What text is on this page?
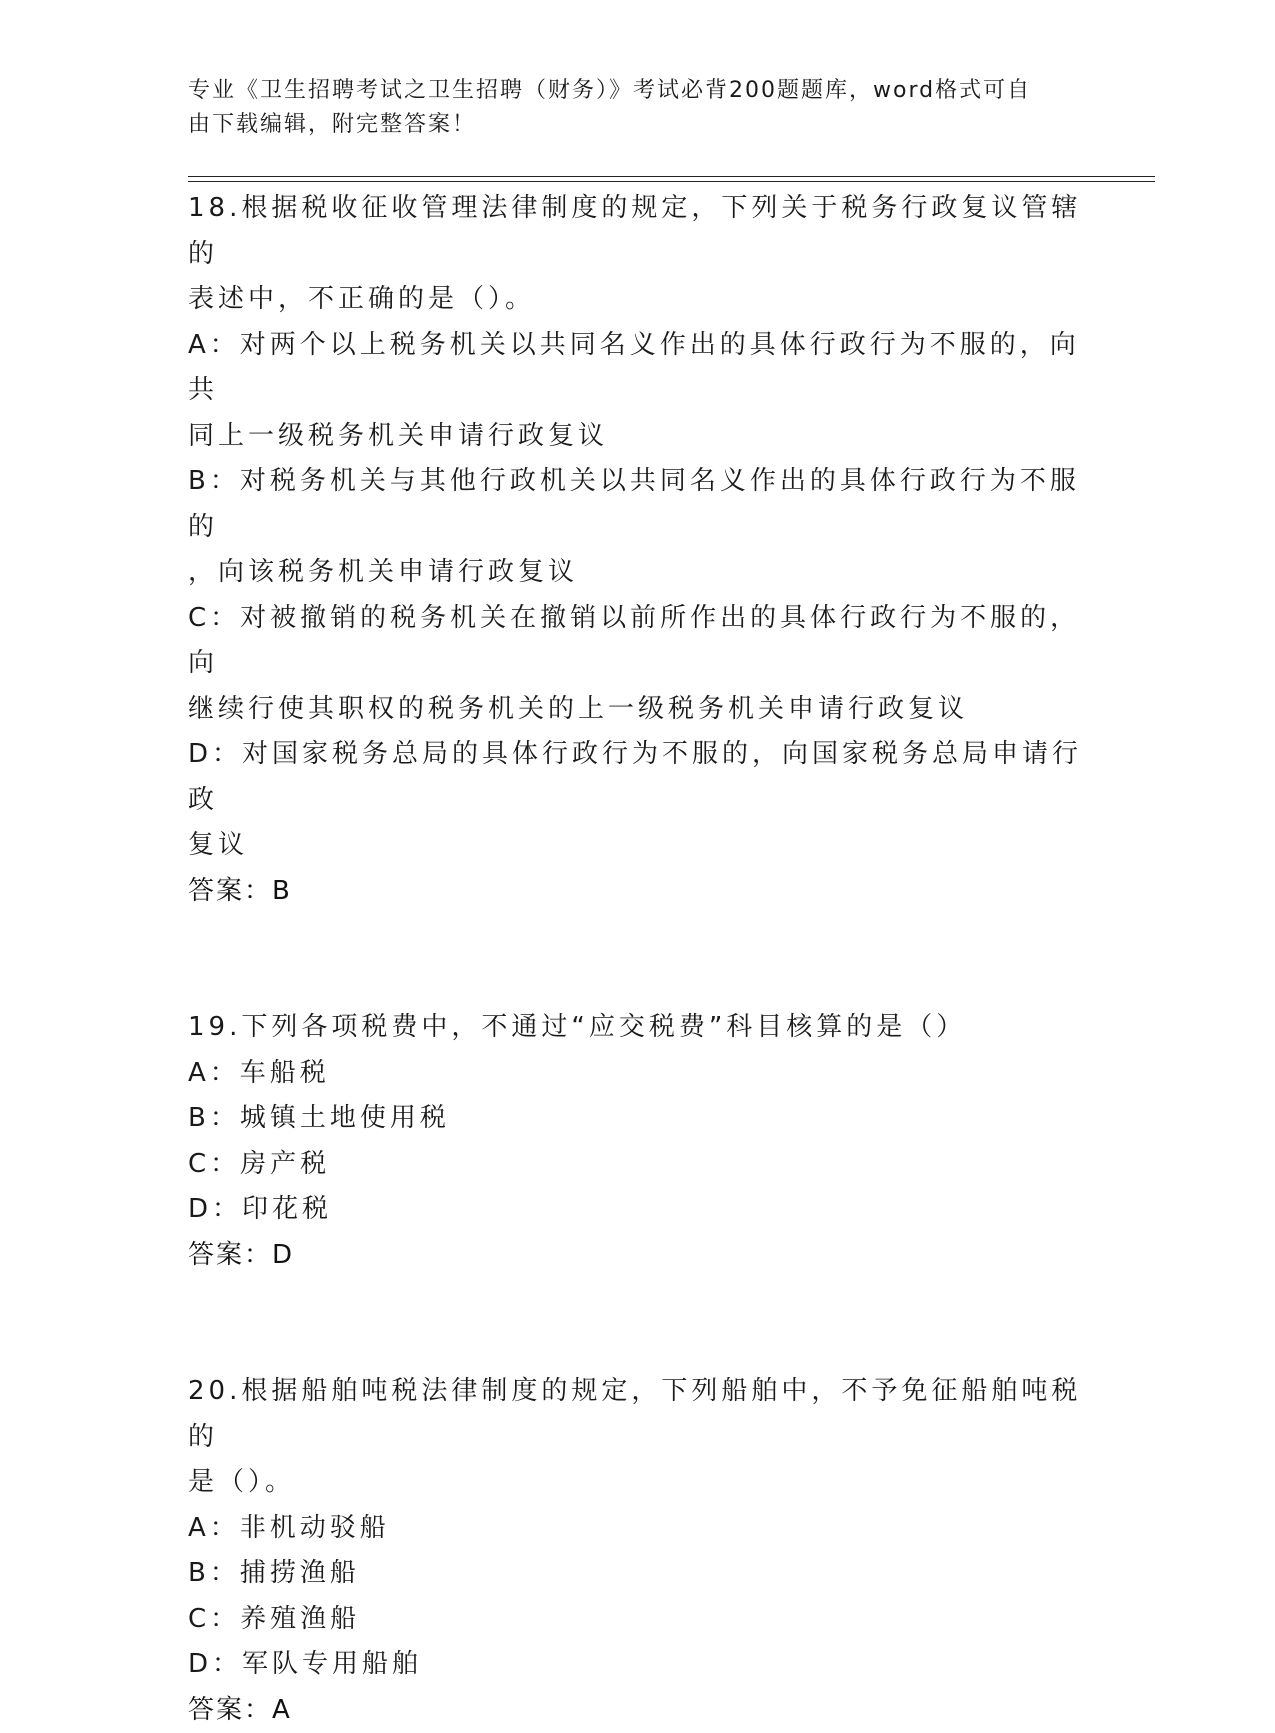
专业《卫生招聘考试之卫生招聘（财务）》考试必背200题题库，word格式可自
由下载编辑，附完整答案！

18.根据税收征收管理法律制度的规定，下列关于税务行政复议管辖的

表述中，不正确的是（）。

A：对两个以上税务机关以共同名义作出的具体行政行为不服的，向共

同上一级税务机关申请行政复议

B：对税务机关与其他行政机关以共同名义作出的具体行政行为不服的

，向该税务机关申请行政复议

C：对被撤销的税务机关在撤销以前所作出的具体行政行为不服的，向

继续行使其职权的税务机关的上一级税务机关申请行政复议

D：对国家税务总局的具体行政行为不服的，向国家税务总局申请行政

复议

答案：B

19.下列各项税费中，不通过“应交税费”科目核算的是（）

A：车船税

B：城镇土地使用税

C：房产税

D：印花税

答案：D

20.根据船舶吨税法律制度的规定，下列船舶中，不予免征船舶吨税的

是（）。

A：非机动驳船

B：捕捞渔船

C：养殖渔船

D：军队专用船舶

答案：A
